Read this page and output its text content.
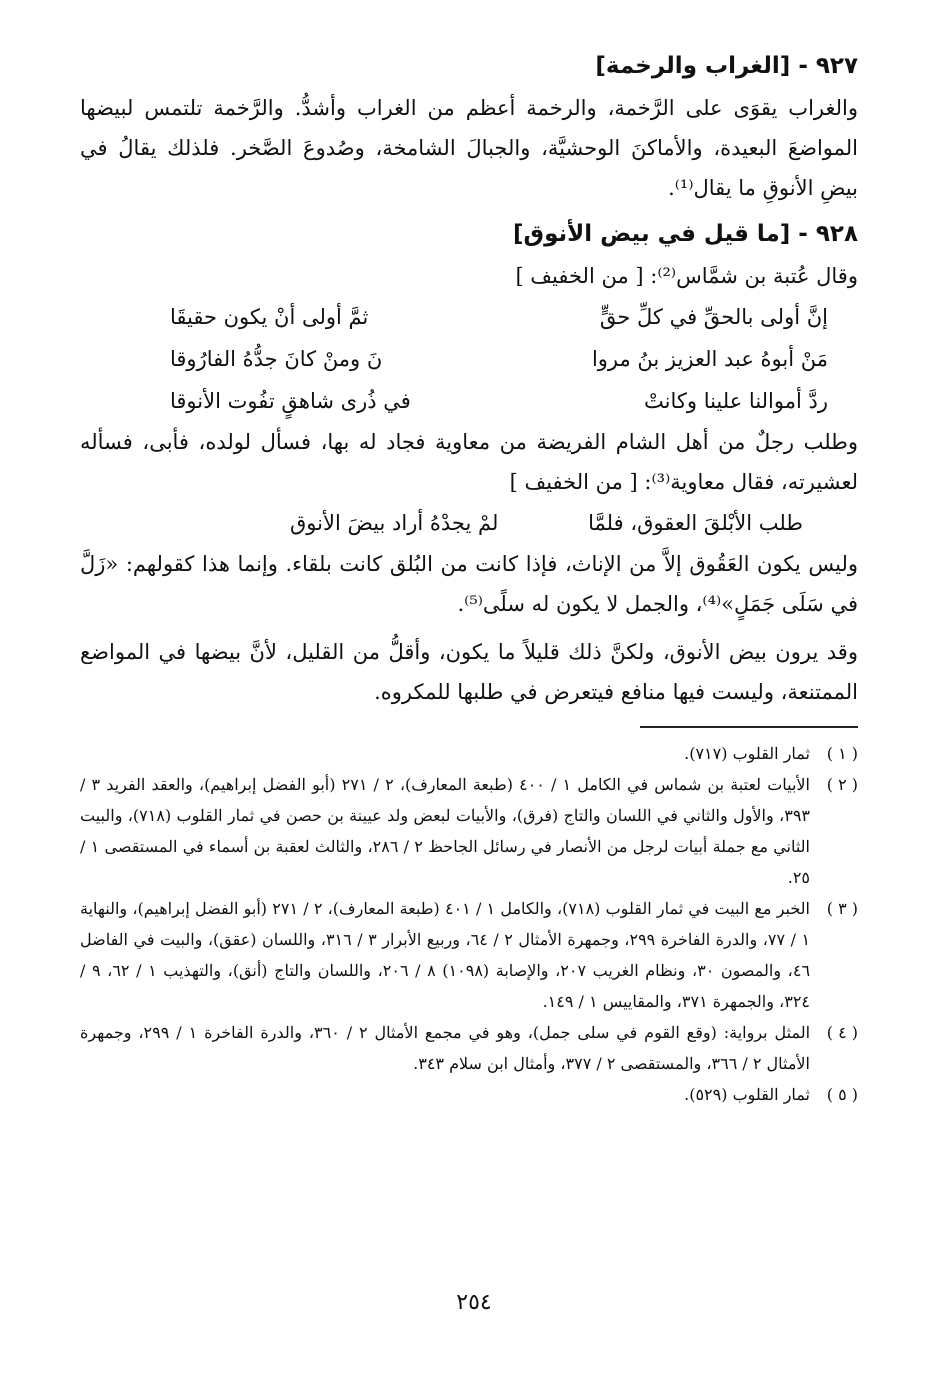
٩٢٧ - [الغراب والرخمة]

والغراب يقوَى على الرَّخمة، والرخمة أعظم من الغراب وأشدُّ. والرَّخمة تلتمس لبيضها المواضعَ البعيدة، والأماكنَ الوحشيَّة، والجبالَ الشامخة، وصُدوعَ الصَّخر. فلذلك يقالُ في بيضِ الأنوقِ ما يقال⁽¹⁾.

٩٢٨ - [ما قيل في بيض الأنوق]

وقال عُتبة بن شمَّاس⁽²⁾: [ من الخفيف ]

إنَّ أولى بالحقِّ في كلِّ حقٍّ
ثمَّ أولى أنْ يكون حقيقَا
مَنْ أبوهُ عبد العزيز بنُ مروا
نَ ومنْ كانَ جدُّهُ الفارُوقا
ردَّ أموالنا علينا وكانتْ
في ذُرى شاهقٍ تفُوت الأنوقا

وطلب رجلٌ من أهل الشام الفريضة من معاوية فجاد له بها، فسأل لولده، فأبى، فسأله لعشيرته، فقال معاوية⁽³⁾: [ من الخفيف ]

طلب الأبْلقَ العقوق، فلمَّا
لمْ يجدْهُ أراد بيضَ الأنوق

وليس يكون العَقُوق إلاَّ من الإناث، فإذا كانت من البُلق كانت بلقاء. وإنما هذا كقولهم: «زَلَّ في سَلَى جَمَلٍ»⁽⁴⁾، والجمل لا يكون له سلًى⁽⁵⁾.

وقد يرون بيض الأنوق، ولكنَّ ذلك قليلاً ما يكون، وأقلُّ من القليل، لأنَّ بيضها في المواضع الممتنعة، وليست فيها منافع فيتعرض في طلبها للمكروه.

( ١ )
ثمار القلوب (٧١٧).
( ٢ )
الأبيات لعتبة بن شماس في الكامل ١ / ٤٠٠ (طبعة المعارف)، ٢ / ٢٧١ (أبو الفضل إبراهيم)، والعقد الفريد ٣ / ٣٩٣، والأول والثاني في اللسان والتاج (فرق)، والأبيات لبعض ولد عيينة بن حصن في ثمار القلوب (٧١٨)، والبيت الثاني مع جملة أبيات لرجل من الأنصار في رسائل الجاحظ ٢ / ٢٨٦، والثالث لعقبة بن أسماء في المستقصى ١ / ٢٥.
( ٣ )
الخبر مع البيت في ثمار القلوب (٧١٨)، والكامل ١ / ٤٠١ (طبعة المعارف)، ٢ / ٢٧١ (أبو الفضل إبراهيم)، والنهاية ١ / ٧٧، والدرة الفاخرة ٢٩٩، وجمهرة الأمثال ٢ / ٦٤، وربيع الأبرار ٣ / ٣١٦، واللسان (عقق)، والبيت في الفاضل ٤٦، والمصون ٣٠، ونظام الغريب ٢٠٧، والإصابة (١٠٩٨) ٨ / ٢٠٦، واللسان والتاج (أنق)، والتهذيب ١ / ٦٢، ٩ / ٣٢٤، والجمهرة ٣٧١، والمقاييس ١ / ١٤٩.
( ٤ )
المثل برواية: (وقع القوم في سلى جمل)، وهو في مجمع الأمثال ٢ / ٣٦٠، والدرة الفاخرة ١ / ٢٩٩، وجمهرة الأمثال ٢ / ٣٦٦، والمستقصى ٢ / ٣٧٧، وأمثال ابن سلام ٣٤٣.
( ٥ )
ثمار القلوب (٥٢٩).
٢٥٤
